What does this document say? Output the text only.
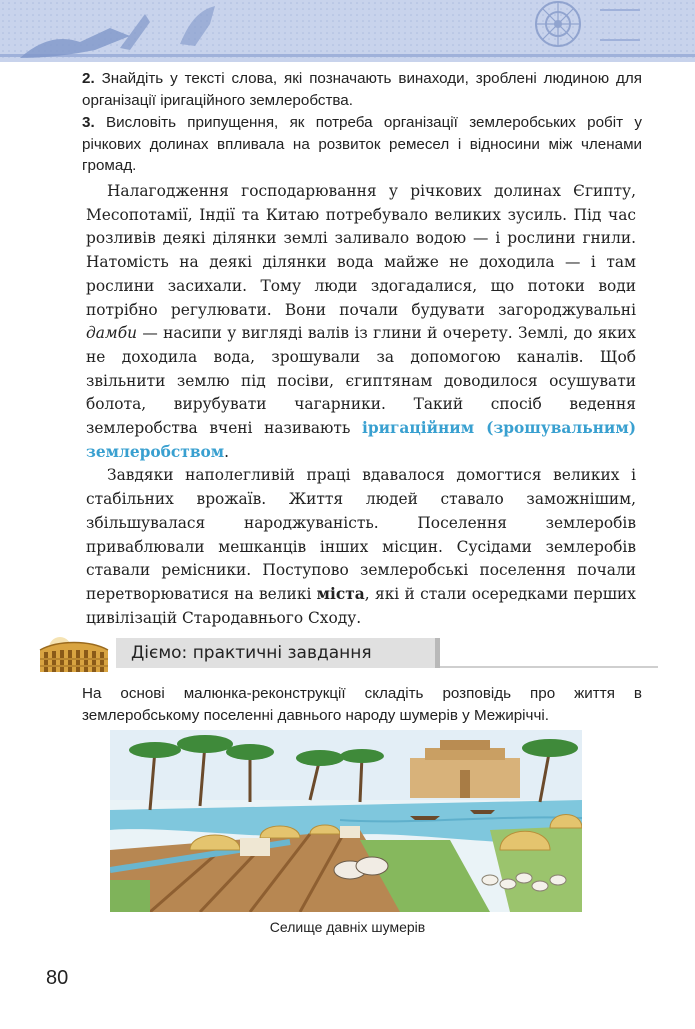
2. Знайдіть у тексті слова, які позначають винаходи, зроблені людиною для організації іригаційного землеробства.

3. Висловіть припущення, як потреба організації землеробських робіт у річкових долинах впливала на розвиток ремесел і відносини між членами громад.

Налагодження господарювання у річкових долинах Єгипту, Месопотамії, Індії та Китаю потребувало великих зусиль. Під час розливів деякі ділянки землі заливало водою — і рослини гнили. Натомість на деякі ділянки вода майже не доходила — і там рослини засихали. Тому люди здогадалися, що потоки води потрібно регулювати. Вони почали будувати загороджувальні дамби — насипи у вигляді валів із глини й очерету. Землі, до яких не доходила вода, зрошували за допомогою каналів. Щоб звільнити землю під посіви, єгиптянам доводилося осушувати болота, вирубувати чагарники. Такий спосіб ведення землеробства вчені називають іригаційним (зрошувальним) землеробством.

Завдяки наполегливій праці вдавалося домогтися великих і стабільних врожаїв. Життя людей ставало заможнішим, збільшувалася народжуваність. Поселення землеробів приваблювали мешканців інших місцин. Сусідами землеробів ставали ремісники. Поступово землеробські поселення почали перетворюватися на великі міста, які й стали осередками перших цивілізацій Стародавнього Сходу.

Діємо: практичні завдання

На основі малюнка-реконструкції складіть розповідь про життя в землеробському поселенні давнього народу шумерів у Межиріччі.

Селище давніх шумерів
80
